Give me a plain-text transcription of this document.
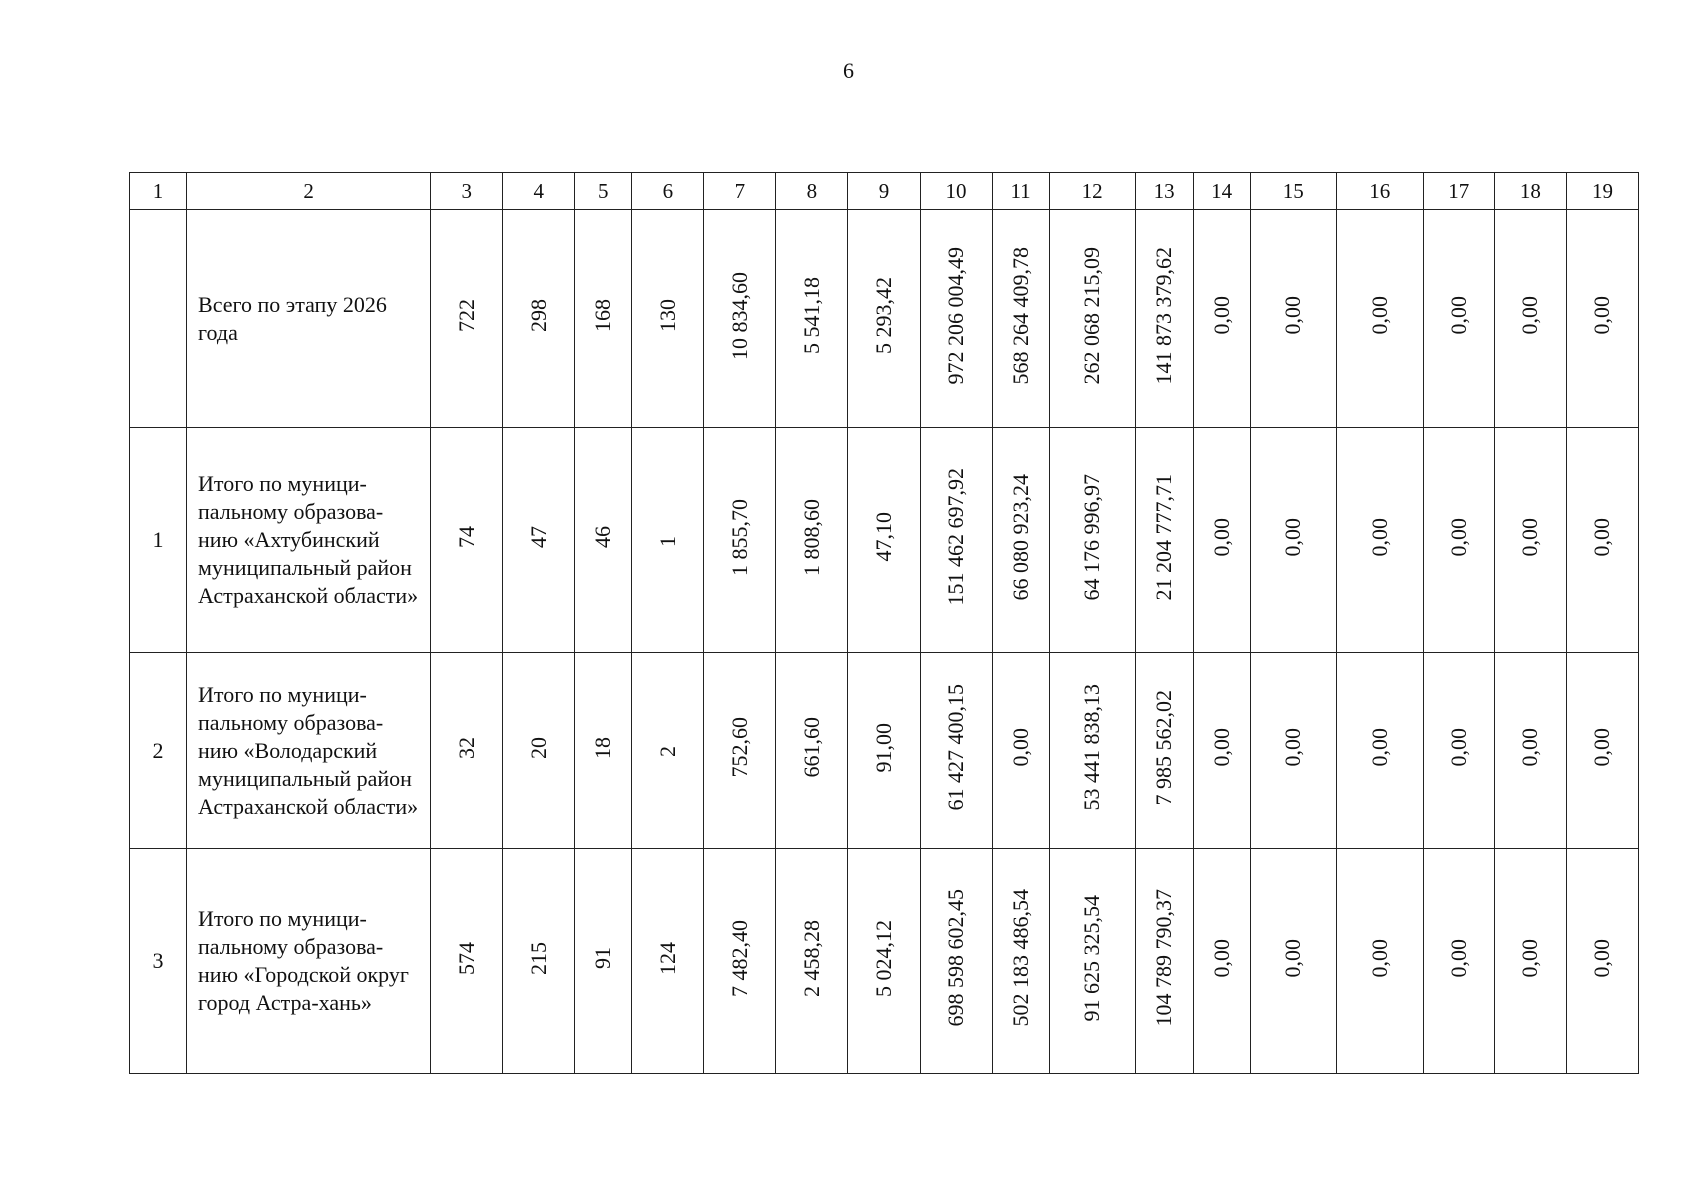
6
1	2	3	4	5	6	7	8	9	10	11	12	13	14	15	16	17	18	19
	Всего по этапу 2026 года	722	298	168	130	10 834,60	5 541,18	5 293,42	972 206 004,49	568 264 409,78	262 068 215,09	141 873 379,62	0,00	0,00	0,00	0,00	0,00	0,00
1	Итого по муници-пальному образова-нию «Ахтубинский муниципальный район Астраханской области»	74	47	46	1	1 855,70	1 808,60	47,10	151 462 697,92	66 080 923,24	64 176 996,97	21 204 777,71	0,00	0,00	0,00	0,00	0,00	0,00
2	Итого по муници-пальному образова-нию «Володарский муниципальный район Астраханской области»	32	20	18	2	752,60	661,60	91,00	61 427 400,15	0,00	53 441 838,13	7 985 562,02	0,00	0,00	0,00	0,00	0,00	0,00
3	Итого по муници-пальному образова-нию «Городской округ город Астра-хань»	574	215	91	124	7 482,40	2 458,28	5 024,12	698 598 602,45	502 183 486,54	91 625 325,54	104 789 790,37	0,00	0,00	0,00	0,00	0,00	0,00
